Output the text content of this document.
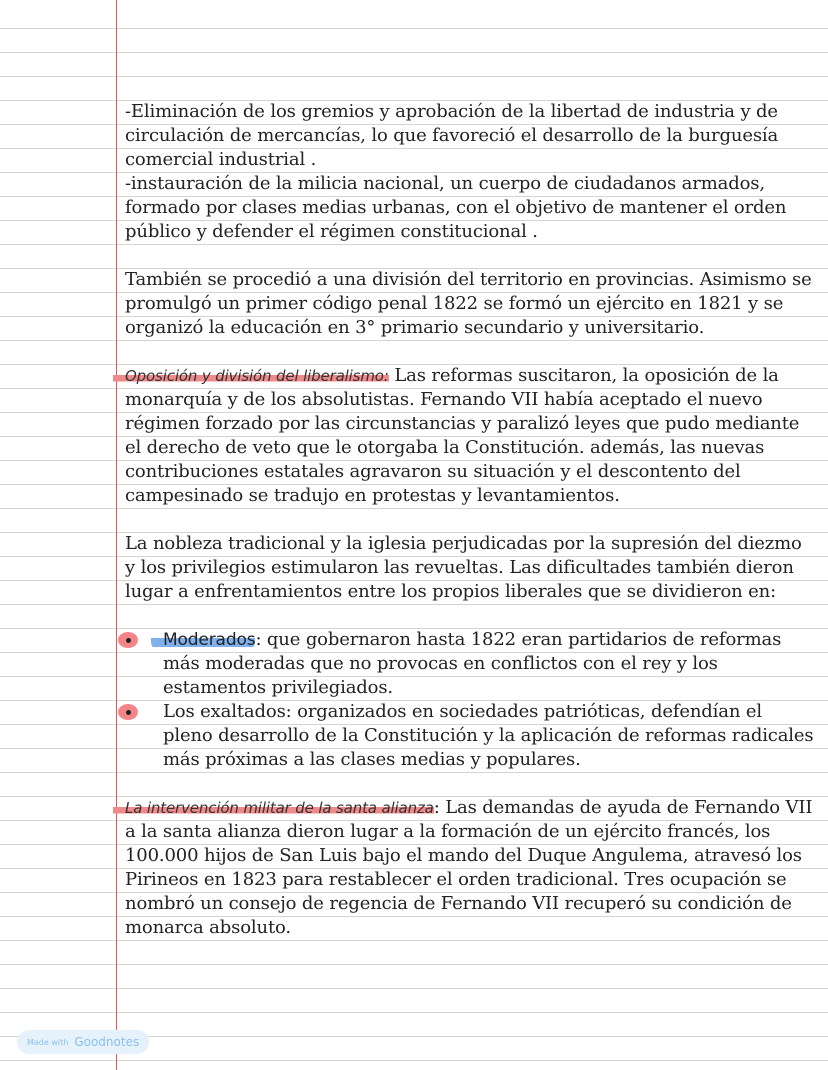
-Eliminación de los gremios y aprobación de la libertad de industria y de circulación de mercancías, lo que favoreció el desarrollo de la burguesía comercial industrial .

-instauración de la milicia nacional, un cuerpo de ciudadanos armados, formado por clases medias urbanas, con el objetivo de mantener el orden público y defender el régimen constitucional .

También se procedió a una división del territorio en provincias. Asimismo se promulgó un primer código penal 1822 se formó un ejército en 1821 y se organizó la educación en 3° primario secundario y universitario.

Oposición y división del liberalismo: Las reformas suscitaron, la oposición de la monarquía y de los absolutistas. Fernando VII había aceptado el nuevo régimen forzado por las circunstancias y paralizó leyes que pudo mediante el derecho de veto que le otorgaba la Constitución. además, las nuevas contribuciones estatales agravaron su situación y el descontento del campesinado se tradujo en protestas y levantamientos.

La nobleza tradicional y la iglesia perjudicadas por la supresión del diezmo y los privilegios estimularon las revueltas. Las dificultades también dieron lugar a enfrentamientos entre los propios liberales que se dividieron en:

Moderados: que gobernaron hasta 1822 eran partidarios de reformas más moderadas que no provocas en conflictos con el rey y los estamentos privilegiados.
Los exaltados: organizados en sociedades patrióticas, defendían el pleno desarrollo de la Constitución y la aplicación de reformas radicales más próximas a las clases medias y populares.

La intervención militar de la santa alianza: Las demandas de ayuda de Fernando VII a la santa alianza dieron lugar a la formación de un ejército francés, los 100.000 hijos de San Luis bajo el mando del Duque Angulema, atravesó los Pirineos en 1823 para restablecer el orden tradicional. Tres ocupación se nombró un consejo de regencia de Fernando VII recuperó su condición de monarca absoluto.

Made with Goodnotes
